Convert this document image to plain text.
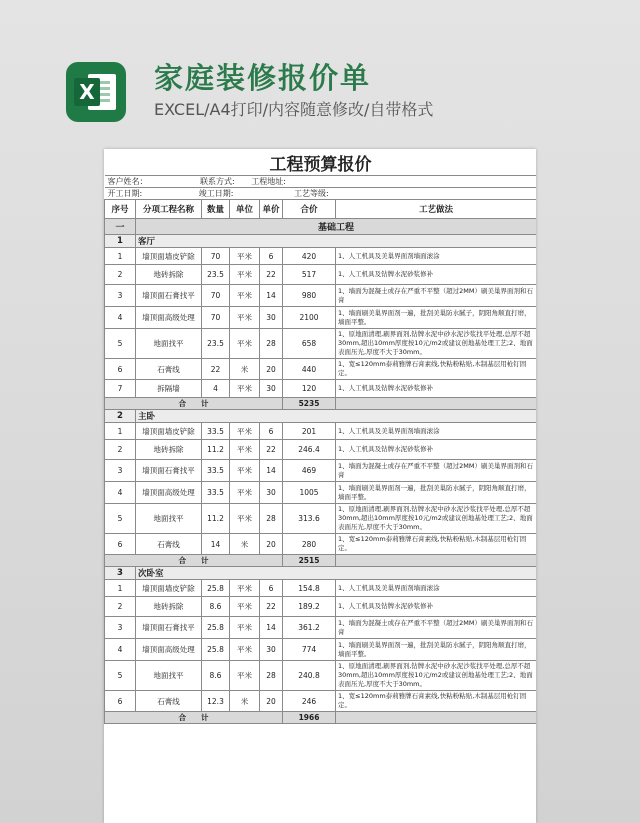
X 家庭装修报价单
EXCEL/A4打印/内容随意修改/自带格式
工程预算报价						
客户姓名： 联系方式: 工程地址:						
开工日期: 竣工日期: 工艺等级:						
序号	分项工程名称	数量	单位	单价	合价	工艺做法
一	基础工程					
1	客厅					
1	墙顶面墙皮铲除	70	平米	6	420	1、人工机具及美巢界面剂墙面滚涂
2	地砖拆除	23.5	平米	22	517	1、人工机具及钻牌水泥砂浆修补
3	墙顶面石膏找平	70	平米	14	980	1、墙面为混凝土或存在严重不平整（超过2MM）刷美巢界面剂和石膏
4	墙顶面高级处理	70	平米	30	2100	1、墙面刷美巢界面剂一遍，批刮美巢防水腻子，阴阳角顺直打磨，墙面平整。
5	地面找平	23.5	平米	28	658	1、原地面清理,刷界面剂,钻牌水泥中砂水泥沙浆找平处理,总厚不超30mm,超出10mm厚度按10元/m2或建议创地基处理工艺;2、地面表面压光,厚度不大于30mm。
6	石膏线	22	米	20	440	1、宽≤120mm泰莉雅牌石膏素线,快粘粉粘贴,木制基层用枪钉固定。
7	拆隔墙	4	平米	30	120	1、人工机具及钻牌水泥砂浆修补
合　　计					5235	
2	主卧					
1	墙顶面墙皮铲除	33.5	平米	6	201	1、人工机具及美巢界面剂墙面滚涂
2	地砖拆除	11.2	平米	22	246.4	1、人工机具及钻牌水泥砂浆修补
3	墙顶面石膏找平	33.5	平米	14	469	1、墙面为混凝土或存在严重不平整（超过2MM）刷美巢界面剂和石膏
4	墙顶面高级处理	33.5	平米	30	1005	1、墙面刷美巢界面剂一遍，批刮美巢防水腻子，阴阳角顺直打磨，墙面平整。
5	地面找平	11.2	平米	28	313.6	1、原地面清理,刷界面剂,钻牌水泥中砂水泥沙浆找平处理,总厚不超30mm,超出10mm厚度按10元/m2或建议创地基处理工艺;2、地面表面压光,厚度不大于30mm。
6	石膏线	14	米	20	280	1、宽≤120mm泰莉雅牌石膏素线,快粘粉粘贴,木制基层用枪钉固定。
合　　计					2515	
3	次卧室					
1	墙顶面墙皮铲除	25.8	平米	6	154.8	1、人工机具及美巢界面剂墙面滚涂
2	地砖拆除	8.6	平米	22	189.2	1、人工机具及钻牌水泥砂浆修补
3	墙顶面石膏找平	25.8	平米	14	361.2	1、墙面为混凝土或存在严重不平整（超过2MM）刷美巢界面剂和石膏
4	墙顶面高级处理	25.8	平米	30	774	1、墙面刷美巢界面剂一遍，批刮美巢防水腻子，阴阳角顺直打磨，墙面平整。
5	地面找平	8.6	平米	28	240.8	1、原地面清理,刷界面剂,钻牌水泥中砂水泥沙浆找平处理,总厚不超30mm,超出10mm厚度按10元/m2或建议创地基处理工艺;2、地面表面压光,厚度不大于30mm。
6	石膏线	12.3	米	20	246	1、宽≤120mm泰莉雅牌石膏素线,快粘粉粘贴,木制基层用枪钉固定。
合　　计					1966	
